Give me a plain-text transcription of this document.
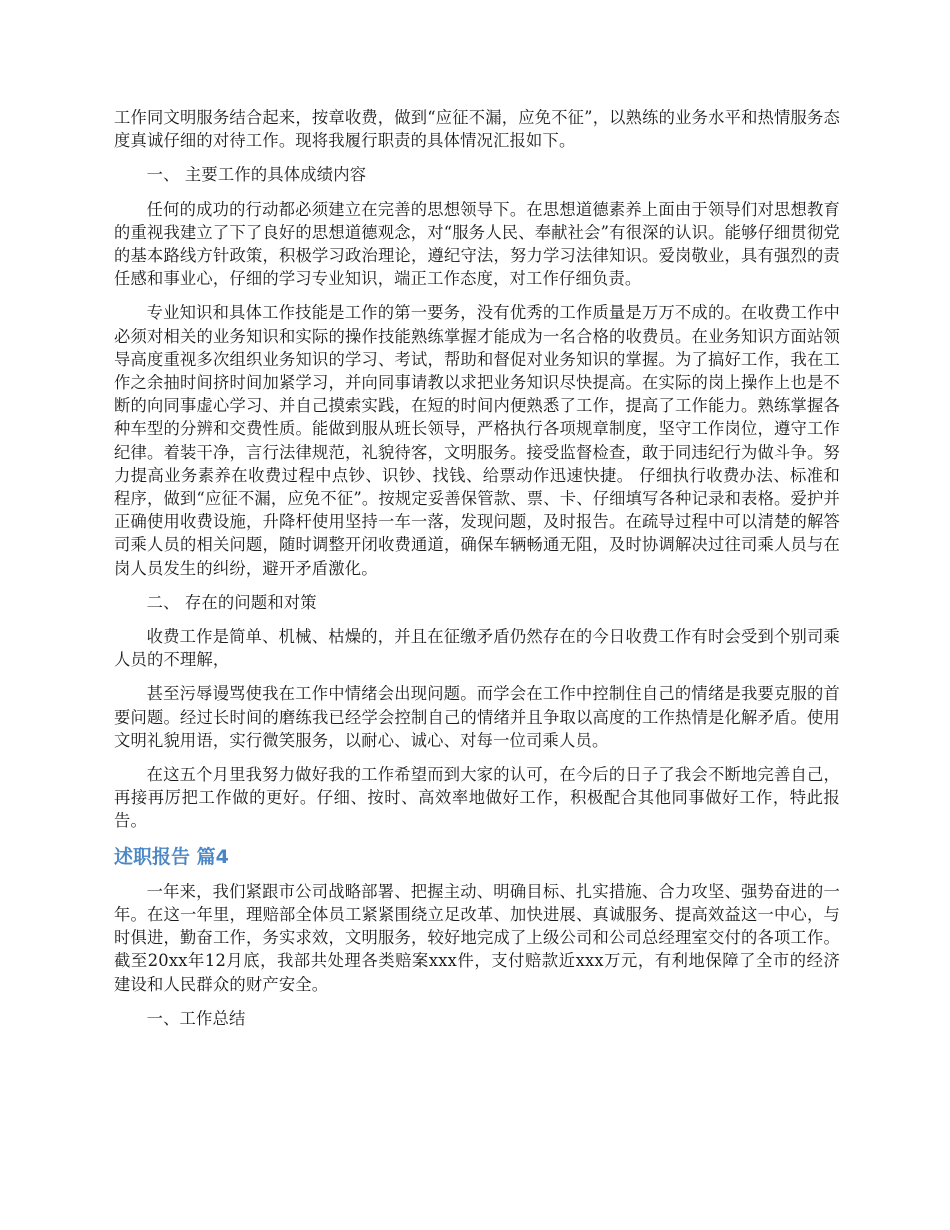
工作同文明服务结合起来，按章收费，做到“应征不漏，应免不征”，以熟练的业务水平和热情服务态度真诚仔细的对待工作。现将我履行职责的具体情况汇报如下。

一、 主要工作的具体成绩内容

任何的成功的行动都必须建立在完善的思想领导下。在思想道德素养上面由于领导们对思想教育的重视我建立了下了良好的思想道德观念，对“服务人民、奉献社会”有很深的认识。能够仔细贯彻党的基本路线方针政策，积极学习政治理论，遵纪守法，努力学习法律知识。爱岗敬业，具有强烈的责任感和事业心，仔细的学习专业知识，端正工作态度，对工作仔细负责。

专业知识和具体工作技能是工作的第一要务，没有优秀的工作质量是万万不成的。在收费工作中必须对相关的业务知识和实际的操作技能熟练掌握才能成为一名合格的收费员。在业务知识方面站领导高度重视多次组织业务知识的学习、考试，帮助和督促对业务知识的掌握。为了搞好工作，我在工作之余抽时间挤时间加紧学习，并向同事请教以求把业务知识尽快提高。在实际的岗上操作上也是不断的向同事虚心学习、并自己摸索实践，在短的时间内便熟悉了工作，提高了工作能力。熟练掌握各种车型的分辨和交费性质。能做到服从班长领导，严格执行各项规章制度，坚守工作岗位，遵守工作纪律。着装干净，言行法律规范，礼貌待客，文明服务。接受监督检查，敢于同违纪行为做斗争。努力提高业务素养在收费过程中点钞、识钞、找钱、给票动作迅速快捷。 仔细执行收费办法、标准和程序，做到“应征不漏，应免不征”。按规定妥善保管款、票、卡、仔细填写各种记录和表格。爱护并正确使用收费设施，升降杆使用坚持一车一落，发现问题，及时报告。在疏导过程中可以清楚的解答司乘人员的相关问题，随时调整开闭收费通道，确保车辆畅通无阻，及时协调解决过往司乘人员与在岗人员发生的纠纷，避开矛盾激化。

二、 存在的问题和对策

收费工作是简单、机械、枯燥的，并且在征缴矛盾仍然存在的今日收费工作有时会受到个别司乘人员的不理解，

甚至污辱谩骂使我在工作中情绪会出现问题。而学会在工作中控制住自己的情绪是我要克服的首要问题。经过长时间的磨练我已经学会控制自己的情绪并且争取以高度的工作热情是化解矛盾。使用文明礼貌用语，实行微笑服务，以耐心、诚心、对每一位司乘人员。

在这五个月里我努力做好我的工作希望而到大家的认可，在今后的日子了我会不断地完善自己，再接再厉把工作做的更好。仔细、按时、高效率地做好工作，积极配合其他同事做好工作，特此报告。

述职报告 篇4

一年来，我们紧跟市公司战略部署、把握主动、明确目标、扎实措施、合力攻坚、强势奋进的一年。在这一年里，理赔部全体员工紧紧围绕立足改革、加快进展、真诚服务、提高效益这一中心，与时俱进，勤奋工作，务实求效，文明服务，较好地完成了上级公司和公司总经理室交付的各项工作。截至20xx年12月底，我部共处理各类赔案xxx件，支付赔款近xxx万元，有利地保障了全市的经济建设和人民群众的财产安全。

一、工作总结
